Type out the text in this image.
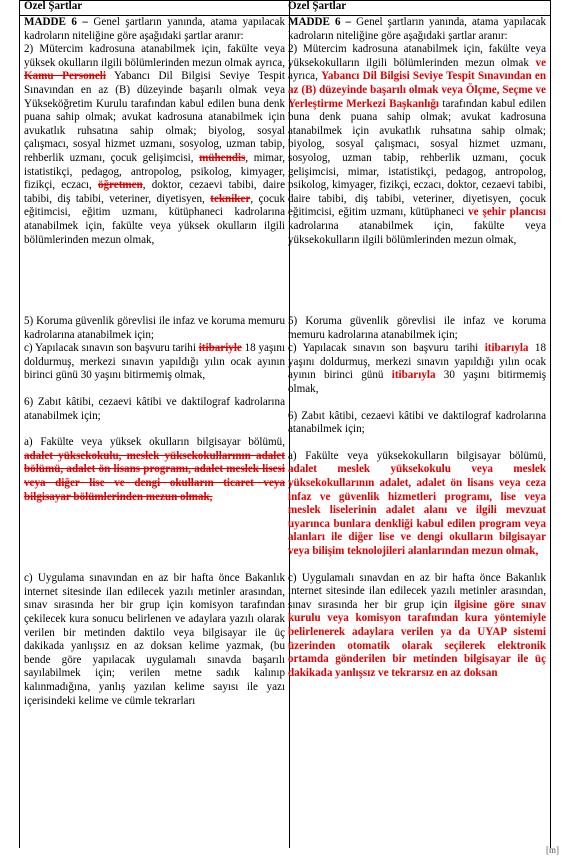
Özel Şartlar

MADDE 6 – Genel şartların yanında, atama yapılacak kadroların niteliğine göre aşağıdaki şartlar aranır:

2) Mütercim kadrosuna atanabilmek için, fakülte veya yüksek okulların ilgili bölümlerinden mezun olmak ayrıca, Kamu Personeli Yabancı Dil Bilgisi Seviye Tespit Sınavından en az (B) düzeyinde başarılı olmak veya Yükseköğretim Kurulu tarafından kabul edilen buna denk puana sahip olmak; avukat kadrosuna atanabilmek için avukatlık ruhsatına sahip olmak; biyolog, sosyal çalışmacı, sosyal hizmet uzmanı, sosyolog, uzman tabip, rehberlik uzmanı, çocuk gelişimcisi, mühendis, mimar, istatistikçi, pedagog, antropolog, psikolog, kimyager, fizikçi, eczacı, öğretmen, doktor, cezaevi tabibi, daire tabibi, diş tabibi, veteriner, diyetisyen, tekniker, çocuk eğitimcisi, eğitim uzmanı, kütüphaneci kadrolarına atanabilmek için, fakülte veya yüksek okulların ilgili bölümlerinden mezun olmak,

5) Koruma güvenlik görevlisi ile infaz ve koruma memuru kadrolarına atanabilmek için;

c) Yapılacak sınavın son başvuru tarihi itibariyle 18 yaşını doldurmuş, merkezi sınavın yapıldığı yılın ocak ayının birinci günü 30 yaşını bitirmemiş olmak,

6) Zabıt kâtibi, cezaevi kâtibi ve daktilograf kadrolarına atanabilmek için;

a) Fakülte veya yüksek okulların bilgisayar bölümü, adalet yüksekokulu, meslek yüksekokullarının adalet bölümü, adalet ön lisans programı, adalet meslek lisesi veya diğer lise ve dengi okulların ticaret veya bilgisayar bölümlerinden mezun olmak,

c) Uygulama sınavından en az bir hafta önce Bakanlık internet sitesinde ilan edilecek yazılı metinler arasından, sınav sırasında her bir grup için komisyon tarafından çekilecek kura sonucu belirlenen ve adaylara yazılı olarak verilen bir metinden daktilo veya bilgisayar ile üç dakikada yanlışsız en az doksan kelime yazmak, (bu bende göre yapılacak uygulamalı sınavda başarılı sayılabilmek için; verilen metne sadık kalınıp kalınmadığına, yanlış yazılan kelime sayısı ile yazı içerisindeki kelime ve cümle tekrarları

Özel Şartlar

MADDE 6 – Genel şartların yanında, atama yapılacak kadroların niteliğine göre aşağıdaki şartlar aranır:

2) Mütercim kadrosuna atanabilmek için, fakülte veya yüksekokulların ilgili bölümlerinden mezun olmak ve ayrıca, Yabancı Dil Bilgisi Seviye Tespit Sınavından en az (B) düzeyinde başarılı olmak veya Ölçme, Seçme ve Yerleştirme Merkezi Başkanlığı tarafından kabul edilen buna denk puana sahip olmak; avukat kadrosuna atanabilmek için avukatlık ruhsatına sahip olmak; biyolog, sosyal çalışmacı, sosyal hizmet uzmanı, sosyolog, uzman tabip, rehberlik uzmanı, çocuk gelişimcisi, mimar, istatistikçi, pedagog, antropolog, psikolog, kimyager, fizikçi, eczacı, doktor, cezaevi tabibi, daire tabibi, diş tabibi, veteriner, diyetisyen, çocuk eğitimcisi, eğitim uzmanı, kütüphaneci ve şehir plancısı kadrolarına atanabilmek için, fakülte veya yüksekokulların ilgili bölümlerinden mezun olmak,

5) Koruma güvenlik görevlisi ile infaz ve koruma memuru kadrolarına atanabilmek için;

c) Yapılacak sınavın son başvuru tarihi itibarıyla 18 yaşını doldurmuş, merkezi sınavın yapıldığı yılın ocak ayının birinci günü itibarıyla 30 yaşını bitirmemiş olmak,

6) Zabıt kâtibi, cezaevi kâtibi ve daktilograf kadrolarına atanabilmek için;

a) Fakülte veya yüksekokulların bilgisayar bölümü, adalet meslek yüksekokulu veya meslek yüksekokullarının adalet, adalet ön lisans veya ceza infaz ve güvenlik hizmetleri programı, lise veya meslek liselerinin adalet alanı ve ilgili mevzuat uyarınca bunlara denkliği kabul edilen program veya alanları ile diğer lise ve dengi okulların bilgisayar veya bilişim teknolojileri alanlarından mezun olmak,

c) Uygulamalı sınavdan en az bir hafta önce Bakanlık internet sitesinde ilan edilecek yazılı metinler arasından, sınav sırasında her bir grup için ilgisine göre sınav kurulu veya komisyon tarafından kura yöntemiyle belirlenerek adaylara verilen ya da UYAP sistemi üzerinden otomatik olarak seçilerek elektronik ortamda gönderilen bir metinden bilgisayar ile üç dakikada yanlışsız ve tekrarsız en az doksan

[m]
